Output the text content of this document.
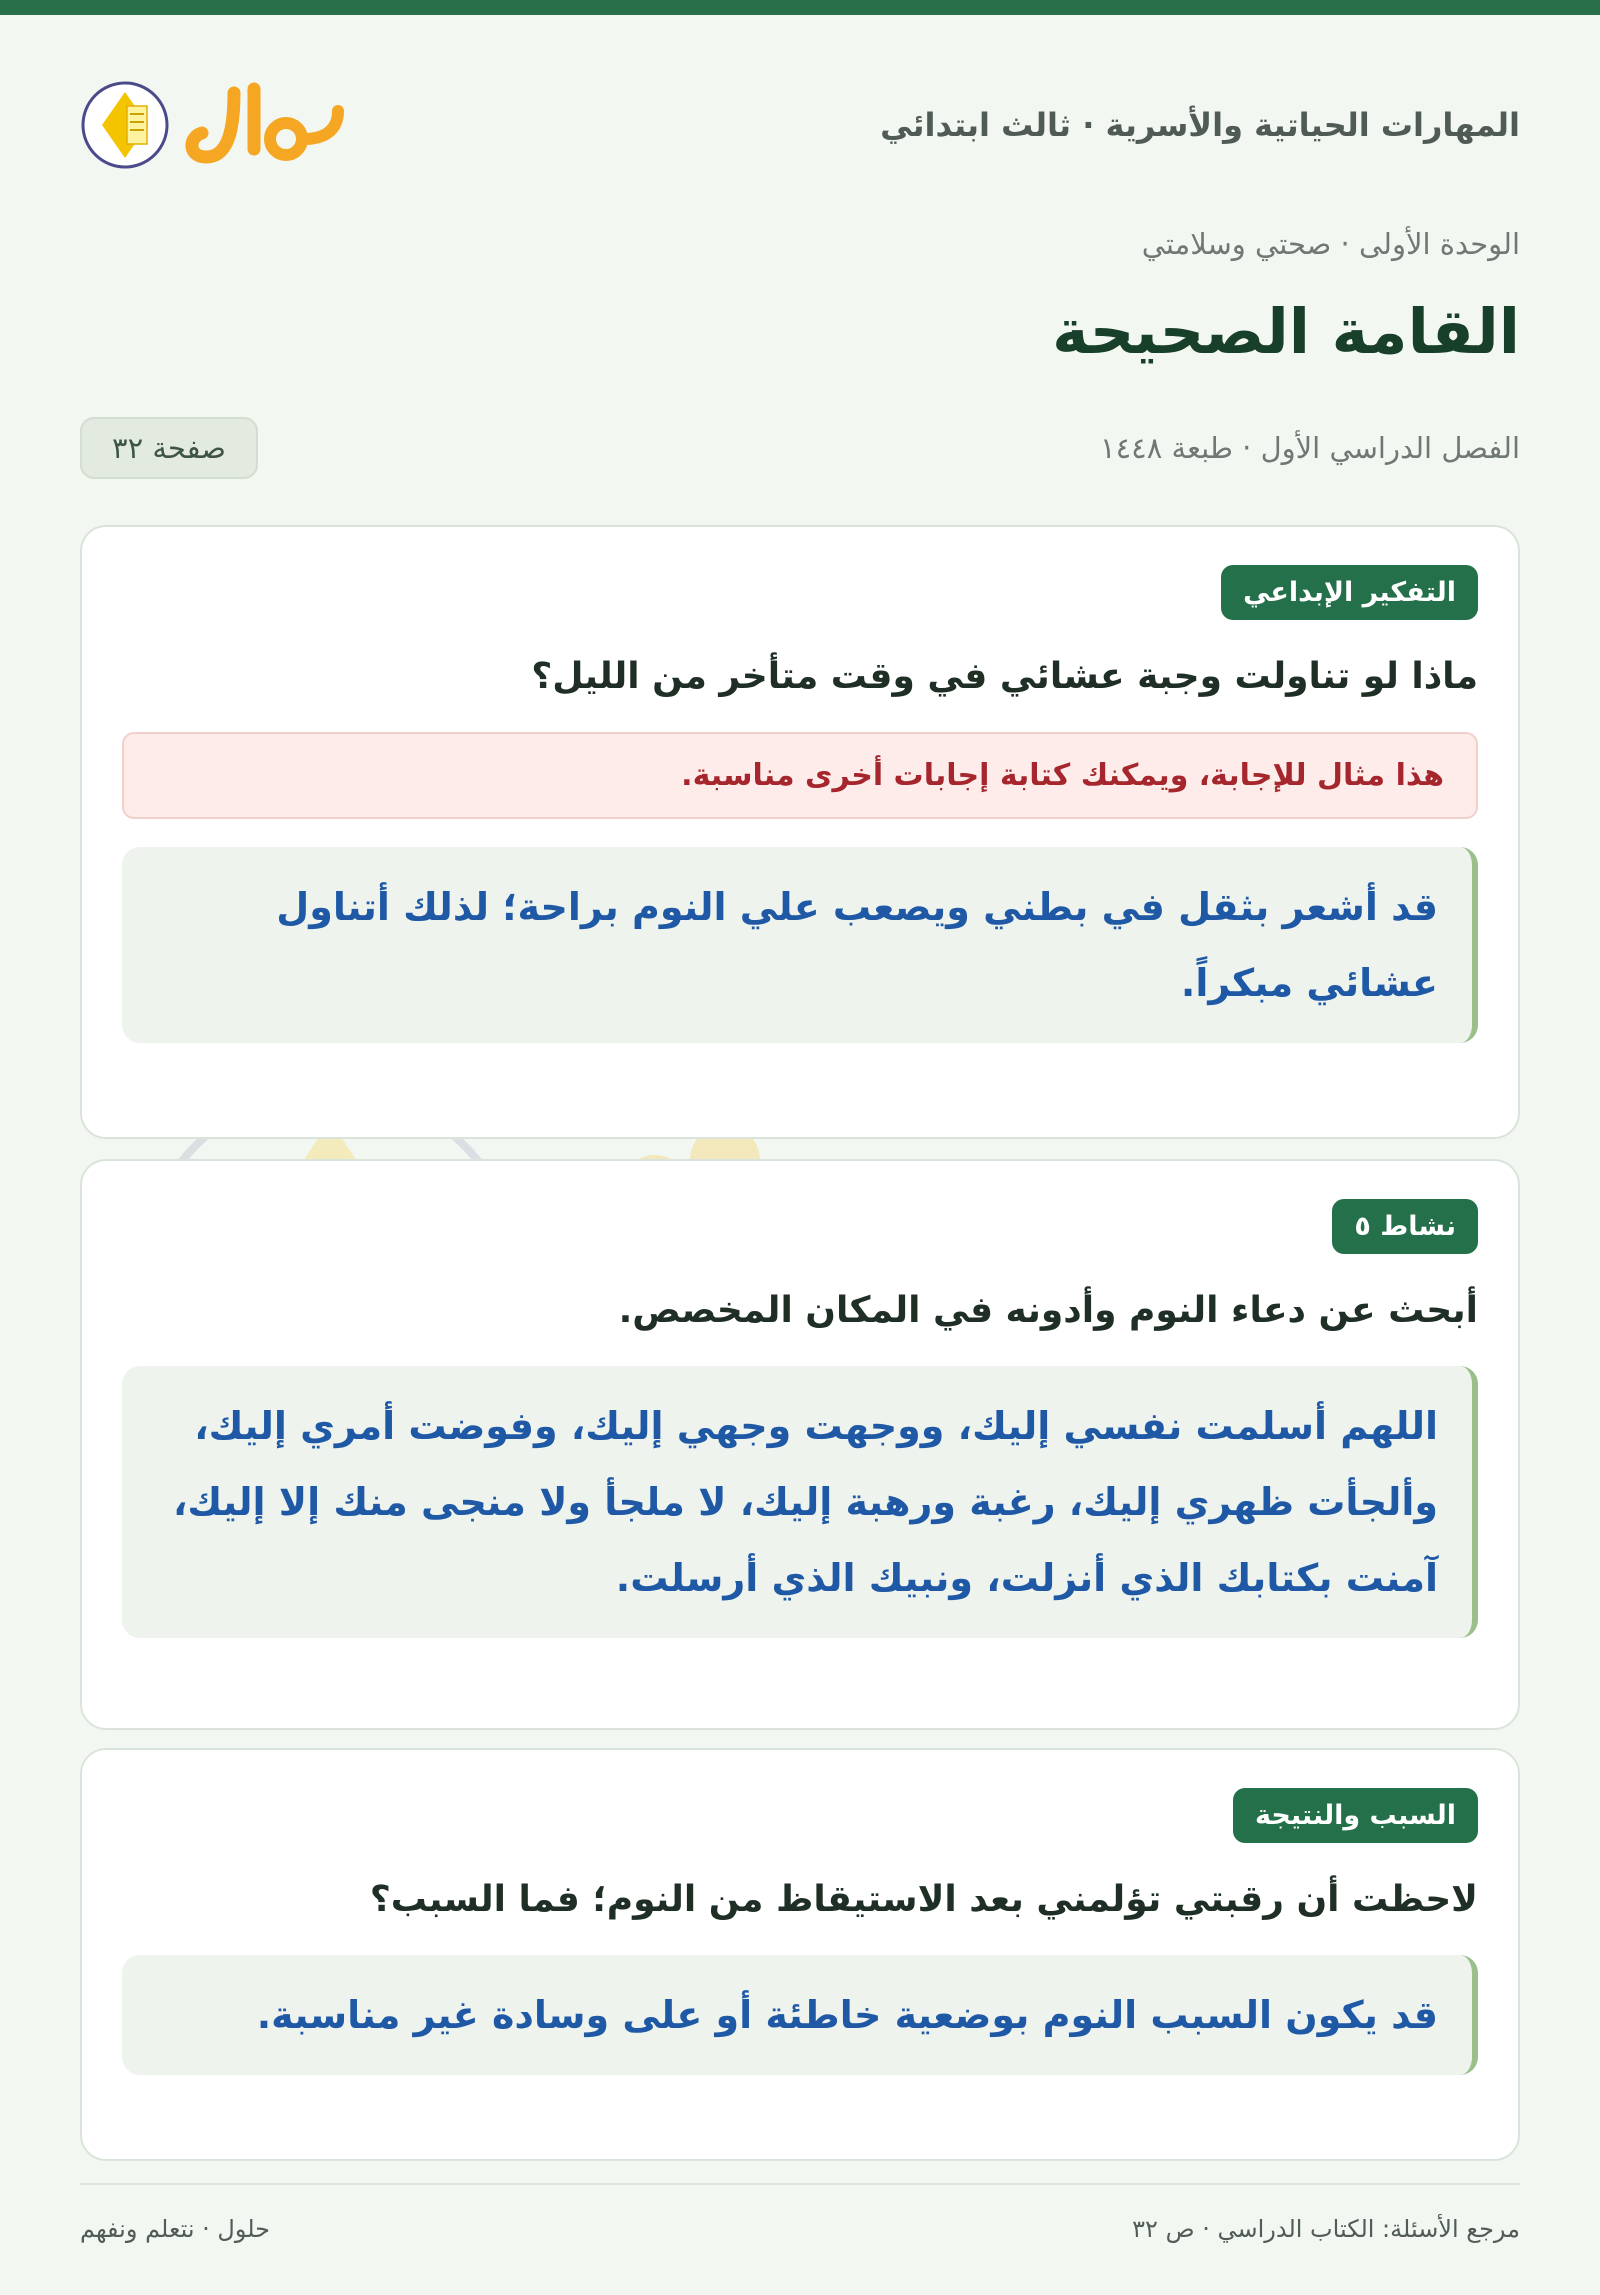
المهارات الحياتية والأسرية · ثالث ابتدائي
الوحدة الأولى · صحتي وسلامتي
القامة الصحيحة
الفصل الدراسي الأول · طبعة ١٤٤٨
صفحة ٣٢
التفكير الإبداعي
ماذا لو تناولت وجبة عشائي في وقت متأخر من الليل؟
هذا مثال للإجابة، ويمكنك كتابة إجابات أخرى مناسبة.
قد أشعر بثقل في بطني ويصعب علي النوم براحة؛ لذلك أتناول عشائي مبكراً.
نشاط ٥
أبحث عن دعاء النوم وأدونه في المكان المخصص.
اللهم أسلمت نفسي إليك، ووجهت وجهي إليك، وفوضت أمري إليك، وألجأت ظهري إليك، رغبة ورهبة إليك، لا ملجأ ولا منجى منك إلا إليك، آمنت بكتابك الذي أنزلت، ونبيك الذي أرسلت.
السبب والنتيجة
لاحظت أن رقبتي تؤلمني بعد الاستيقاظ من النوم؛ فما السبب؟
قد يكون السبب النوم بوضعية خاطئة أو على وسادة غير مناسبة.
مرجع الأسئلة: الكتاب الدراسي · ص ٣٢
حلول · نتعلم ونفهم
